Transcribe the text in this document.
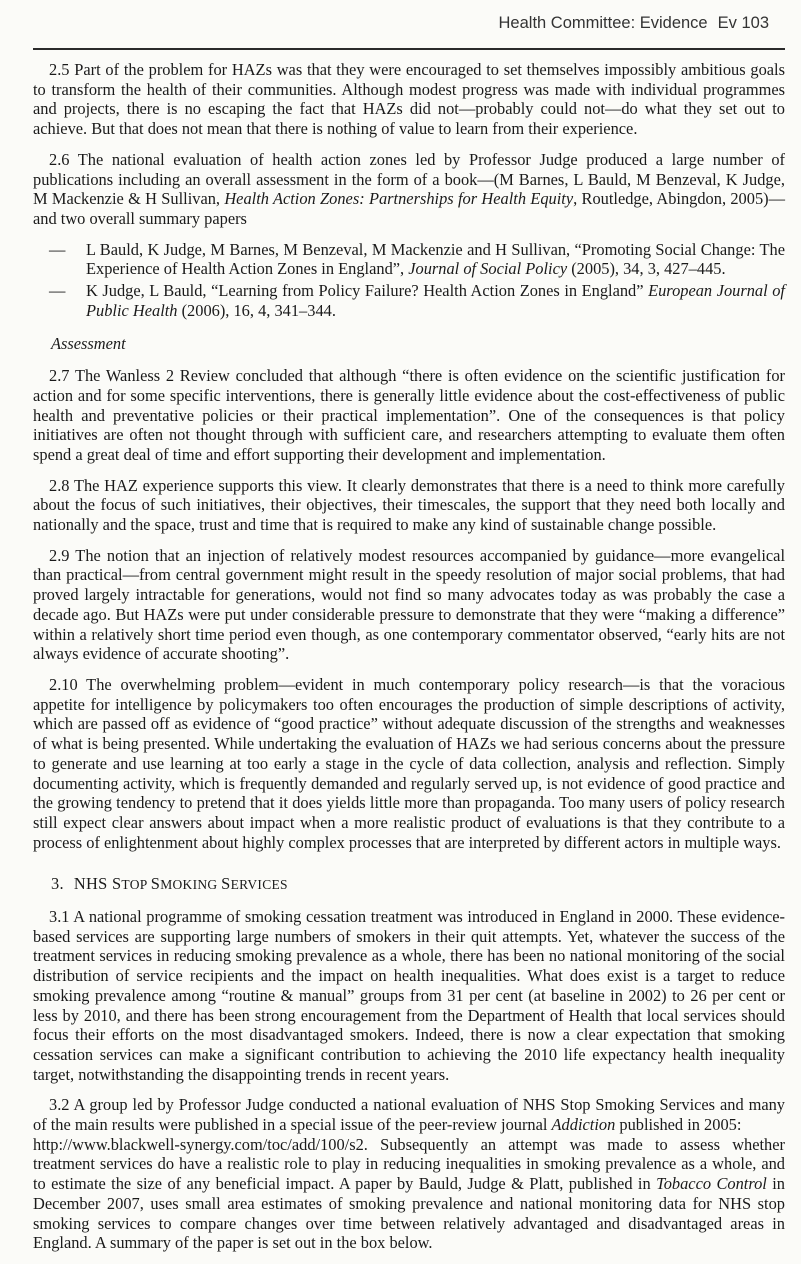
Health Committee: Evidence Ev 103

2.5 Part of the problem for HAZs was that they were encouraged to set themselves impossibly ambitious goals to transform the health of their communities. Although modest progress was made with individual programmes and projects, there is no escaping the fact that HAZs did not—probably could not—do what they set out to achieve. But that does not mean that there is nothing of value to learn from their experience.

2.6 The national evaluation of health action zones led by Professor Judge produced a large number of publications including an overall assessment in the form of a book—(M Barnes, L Bauld, M Benzeval, K Judge, M Mackenzie & H Sullivan, Health Action Zones: Partnerships for Health Equity, Routledge, Abingdon, 2005)—and two overall summary papers

— L Bauld, K Judge, M Barnes, M Benzeval, M Mackenzie and H Sullivan, “Promoting Social Change: The Experience of Health Action Zones in England”, Journal of Social Policy (2005), 34, 3, 427–445.
— K Judge, L Bauld, “Learning from Policy Failure? Health Action Zones in England” European Journal of Public Health (2006), 16, 4, 341–344.
Assessment

2.7 The Wanless 2 Review concluded that although “there is often evidence on the scientific justification for action and for some specific interventions, there is generally little evidence about the cost-effectiveness of public health and preventative policies or their practical implementation”. One of the consequences is that policy initiatives are often not thought through with sufficient care, and researchers attempting to evaluate them often spend a great deal of time and effort supporting their development and implementation.

2.8 The HAZ experience supports this view. It clearly demonstrates that there is a need to think more carefully about the focus of such initiatives, their objectives, their timescales, the support that they need both locally and nationally and the space, trust and time that is required to make any kind of sustainable change possible.

2.9 The notion that an injection of relatively modest resources accompanied by guidance—more evangelical than practical—from central government might result in the speedy resolution of major social problems, that had proved largely intractable for generations, would not find so many advocates today as was probably the case a decade ago. But HAZs were put under considerable pressure to demonstrate that they were “making a difference” within a relatively short time period even though, as one contemporary commentator observed, “early hits are not always evidence of accurate shooting”.

2.10 The overwhelming problem—evident in much contemporary policy research—is that the voracious appetite for intelligence by policymakers too often encourages the production of simple descriptions of activity, which are passed off as evidence of “good practice” without adequate discussion of the strengths and weaknesses of what is being presented. While undertaking the evaluation of HAZs we had serious concerns about the pressure to generate and use learning at too early a stage in the cycle of data collection, analysis and reflection. Simply documenting activity, which is frequently demanded and regularly served up, is not evidence of good practice and the growing tendency to pretend that it does yields little more than propaganda. Too many users of policy research still expect clear answers about impact when a more realistic product of evaluations is that they contribute to a process of enlightenment about highly complex processes that are interpreted by different actors in multiple ways.

3. NHS STOP SMOKING SERVICES

3.1 A national programme of smoking cessation treatment was introduced in England in 2000. These evidence-based services are supporting large numbers of smokers in their quit attempts. Yet, whatever the success of the treatment services in reducing smoking prevalence as a whole, there has been no national monitoring of the social distribution of service recipients and the impact on health inequalities. What does exist is a target to reduce smoking prevalence among “routine & manual” groups from 31 per cent (at baseline in 2002) to 26 per cent or less by 2010, and there has been strong encouragement from the Department of Health that local services should focus their efforts on the most disadvantaged smokers. Indeed, there is now a clear expectation that smoking cessation services can make a significant contribution to achieving the 2010 life expectancy health inequality target, notwithstanding the disappointing trends in recent years.

3.2 A group led by Professor Judge conducted a national evaluation of NHS Stop Smoking Services and many of the main results were published in a special issue of the peer-review journal Addiction published in 2005:
http://www.blackwell-synergy.com/toc/add/100/s2. Subsequently an attempt was made to assess whether treatment services do have a realistic role to play in reducing inequalities in smoking prevalence as a whole, and to estimate the size of any beneficial impact. A paper by Bauld, Judge & Platt, published in Tobacco Control in December 2007, uses small area estimates of smoking prevalence and national monitoring data for NHS stop smoking services to compare changes over time between relatively advantaged and disadvantaged areas in England. A summary of the paper is set out in the box below.
